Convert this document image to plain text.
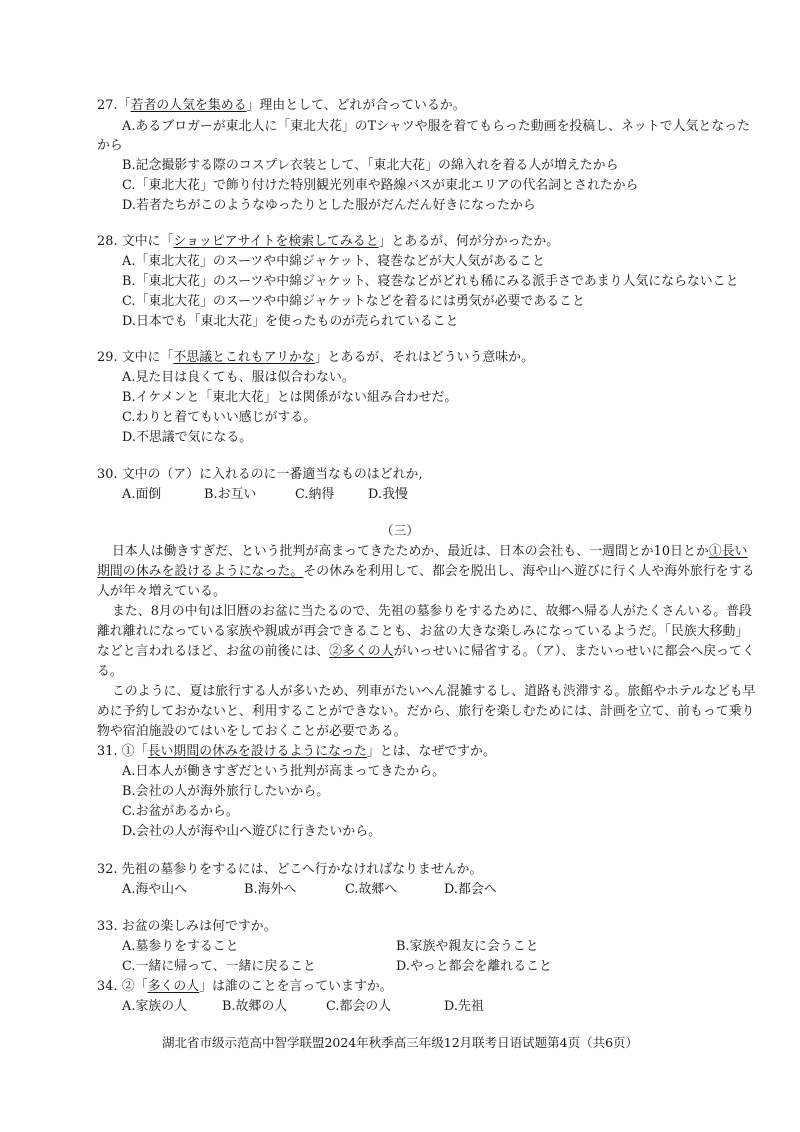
27.「若者の人気を集める」理由として、どれが合っているか。
A.あるブロガーが東北人に「東北大花」のTシャツや服を着てもらった動画を投稿し、ネットで人気となった
から
B.記念撮影する際のコスプレ衣装として、「東北大花」の綿入れを着る人が増えたから
C.「東北大花」で飾り付けた特別観光列車や路線バスが東北エリアの代名詞とされたから
D.若者たちがこのようなゆったりとした服がだんだん好きになったから
28. 文中に「ショッピアサイトを検索してみると」とあるが、何が分かったか。
A.「東北大花」のスーツや中綿ジャケット、寝巻などが大人気があること
B.「東北大花」のスーツや中綿ジャケット、寝巻などがどれも稀にみる派手さであまり人気にならないこと
C.「東北大花」のスーツや中綿ジャケットなどを着るには勇気が必要であること
D.日本でも「東北大花」を使ったものが売られていること
29. 文中に「不思議とこれもアリかな」とあるが、それはどういう意味か。
A.見た目は良くても、服は似合わない。
B.イケメンと「東北大花」とは関係がない組み合わせだ。
C.わりと着てもいい感じがする。
D.不思議で気になる。
30. 文中の（ア）に入れるのに一番適当なものはどれか,
A.面倒	B.お互い	C.納得	D.我慢
（三）
日本人は働きすぎだ、という批判が高まってきたためか、最近は、日本の会社も、一週間とか10日とか①長い
期間の休みを設けるようになった。その休みを利用して、都会を脱出し、海や山へ遊びに行く人や海外旅行をする
人が年々増えている。
また、8月の中旬は旧暦のお盆に当たるので、先祖の墓参りをするために、故郷へ帰る人がたくさんいる。普段
離れ離れになっている家族や親戚が再会できることも、お盆の大きな楽しみになっているようだ。「民族大移動」
などと言われるほど、お盆の前後には、②多くの人がいっせいに帰省する。（ア）、またいっせいに都会へ戻ってく
る。
このように、夏は旅行する人が多いため、列車がたいへん混雑するし、道路も渋滞する。旅館やホテルなども早
めに予約しておかないと、利用することができない。だから、旅行を楽しむためには、計画を立て、前もって乗り
物や宿泊施設のてはいをしておくことが必要である。
31. ①「長い期間の休みを設けるようになった」とは、なぜですか。
A.日本人が働きすぎだという批判が高まってきたから。
B.会社の人が海外旅行したいから。
C.お盆があるから。
D.会社の人が海や山へ遊びに行きたいから。
32. 先祖の墓参りをするには、どこへ行かなければなりませんか。
A.海や山へ	B.海外へ	C.故郷へ	D.都会へ
33. お盆の楽しみは何ですか。
A.墓参りをすること	B.家族や親友に会うこと
C.一緒に帰って、一緒に戻ること	D.やっと都会を離れること
34. ②「多くの人」は誰のことを言っていますか。
A.家族の人	B.故郷の人	C.都会の人	D.先祖
湖北省市级示范高中智学联盟2024年秋季高三年级12月联考日语试题第4页（共6页）
